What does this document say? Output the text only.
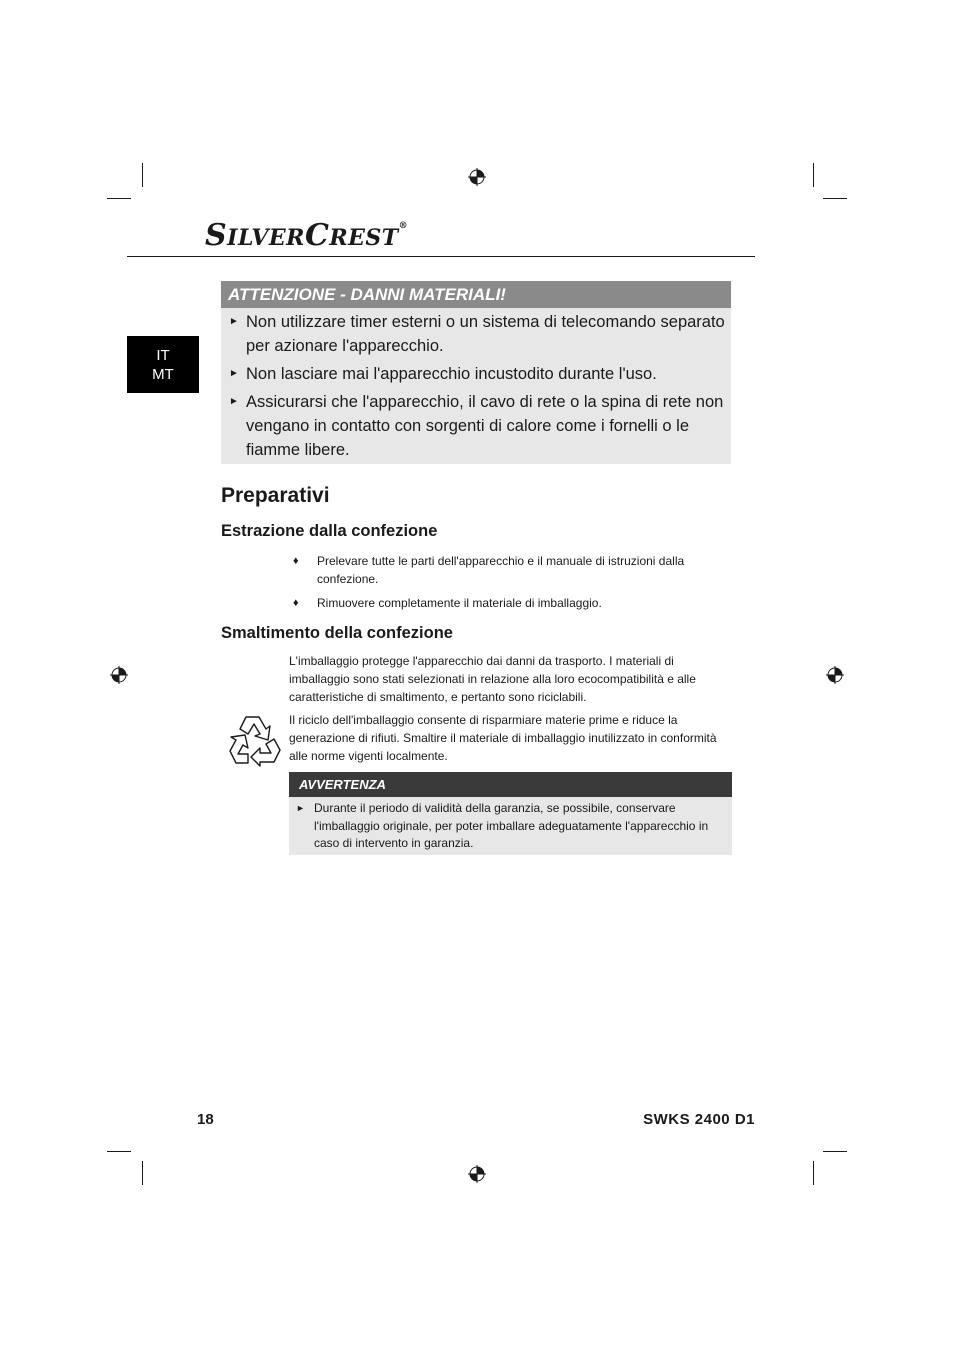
SILVERCREST®
IT
MT
ATTENZIONE - DANNI MATERIALI!
► Non utilizzare timer esterni o un sistema di telecomando separato per azionare l'apparecchio.
► Non lasciare mai l'apparecchio incustodito durante l'uso.
► Assicurarsi che l'apparecchio, il cavo di rete o la spina di rete non vengano in contatto con sorgenti di calore come i fornelli o le fiamme libere.
Preparativi
Estrazione dalla confezione
♦ Prelevare tutte le parti dell'apparecchio e il manuale di istruzioni dalla confezione.
♦ Rimuovere completamente il materiale di imballaggio.
Smaltimento della confezione

L'imballaggio protegge l'apparecchio dai danni da trasporto. I materiali di imballaggio sono stati selezionati in relazione alla loro ecocompatibilità e alle caratteristiche di smaltimento, e pertanto sono riciclabili.

Il riciclo dell'imballaggio consente di risparmiare materie prime e riduce la generazione di rifiuti. Smaltire il materiale di imballaggio inutilizzato in conformità alle norme vigenti localmente.

AVVERTENZA
► Durante il periodo di validità della garanzia, se possibile, conservare l'imballaggio originale, per poter imballare adeguatamente l'apparecchio in caso di intervento in garanzia.
18	SWKS 2400 D1
